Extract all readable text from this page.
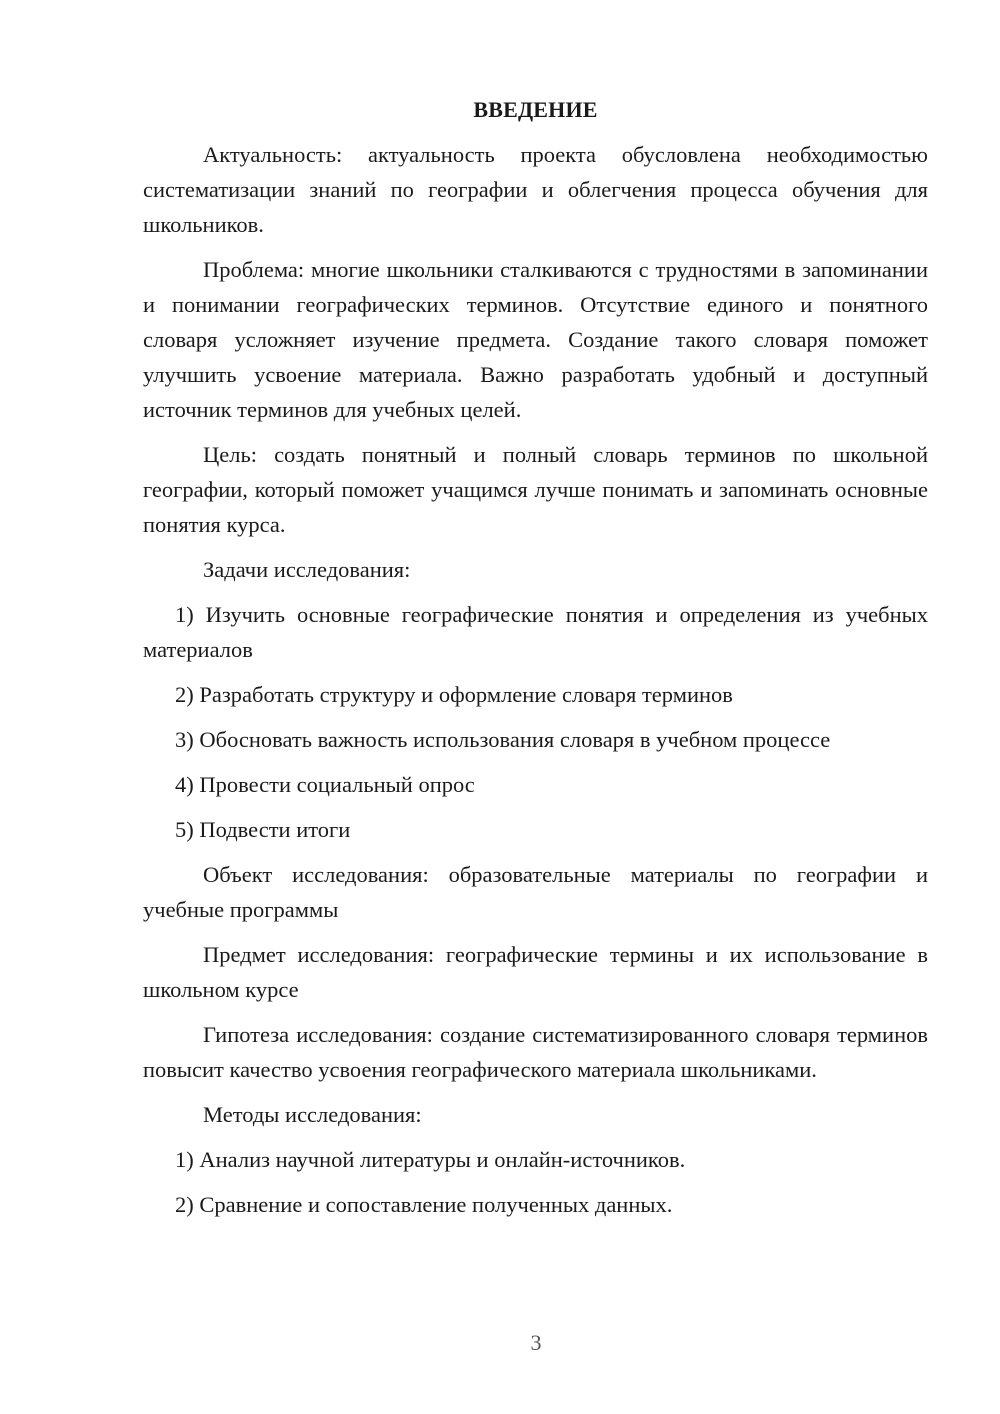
ВВЕДЕНИЕ

Актуальность: актуальность проекта обусловлена необходимостью систематизации знаний по географии и облегчения процесса обучения для школьников.

Проблема: многие школьники сталкиваются с трудностями в запоминании и понимании географических терминов. Отсутствие единого и понятного словаря усложняет изучение предмета. Создание такого словаря поможет улучшить усвоение материала. Важно разработать удобный и доступный источник терминов для учебных целей.

Цель: создать понятный и полный словарь терминов по школьной географии, который поможет учащимся лучше понимать и запоминать основные понятия курса.

Задачи исследования:

1) Изучить основные географические понятия и определения из учебных материалов

2) Разработать структуру и оформление словаря терминов

3) Обосновать важность использования словаря в учебном процессе

4) Провести социальный опрос

5) Подвести итоги

Объект исследования: образовательные материалы по географии и учебные программы

Предмет исследования: географические термины и их использование в школьном курсе

Гипотеза исследования: создание систематизированного словаря терминов повысит качество усвоения географического материала школьниками.

Методы исследования:

1) Анализ научной литературы и онлайн-источников.

2) Сравнение и сопоставление полученных данных.

3
